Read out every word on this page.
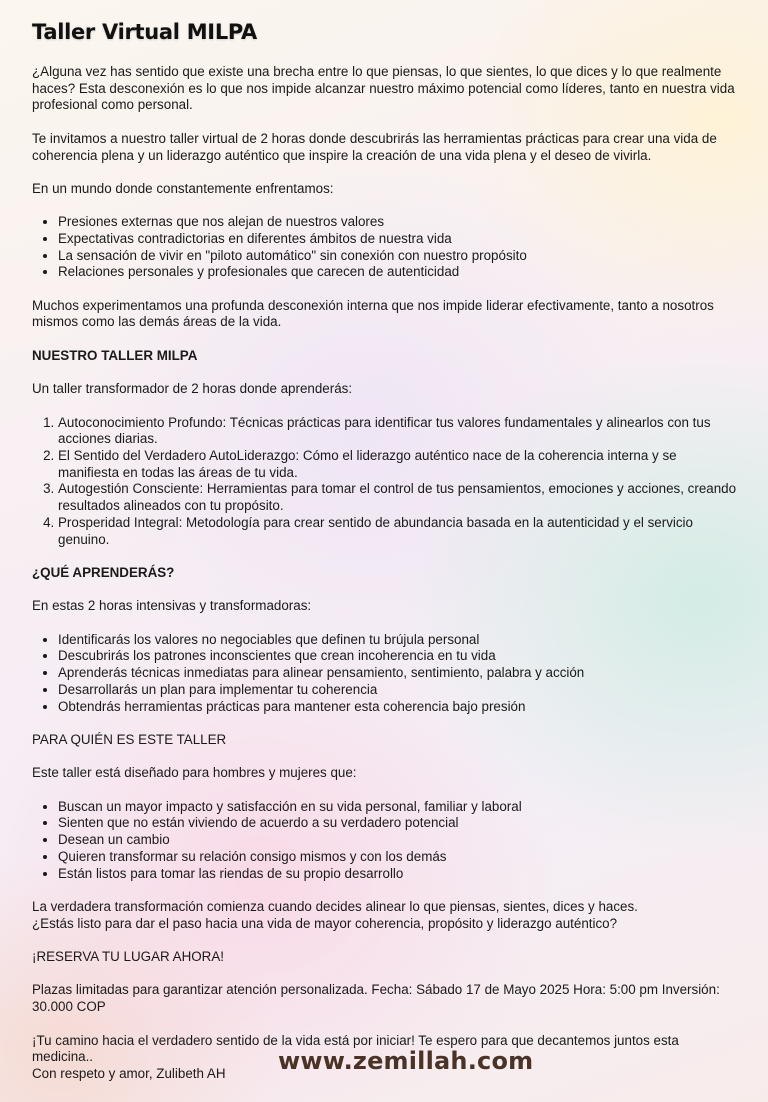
Taller Virtual MILPA

¿Alguna vez has sentido que existe una brecha entre lo que piensas, lo que sientes, lo que dices y lo que realmente haces? Esta desconexión es lo que nos impide alcanzar nuestro máximo potencial como líderes, tanto en nuestra vida profesional como personal.

Te invitamos a nuestro taller virtual de 2 horas donde descubrirás las herramientas prácticas para crear una vida de coherencia plena y un liderazgo auténtico que inspire la creación de una vida plena y el deseo de vivirla.

En un mundo donde constantemente enfrentamos:

• Presiones externas que nos alejan de nuestros valores
• Expectativas contradictorias en diferentes ámbitos de nuestra vida
• La sensación de vivir en "piloto automático" sin conexión con nuestro propósito
• Relaciones personales y profesionales que carecen de autenticidad

Muchos experimentamos una profunda desconexión interna que nos impide liderar efectivamente, tanto a nosotros mismos como las demás áreas de la vida.

NUESTRO TALLER MILPA

Un taller transformador de 2 horas donde aprenderás:

1. Autoconocimiento Profundo: Técnicas prácticas para identificar tus valores fundamentales y alinearlos con tus acciones diarias.
2. El Sentido del Verdadero AutoLiderazgo: Cómo el liderazgo auténtico nace de la coherencia interna y se manifiesta en todas las áreas de tu vida.
3. Autogestión Consciente: Herramientas para tomar el control de tus pensamientos, emociones y acciones, creando resultados alineados con tu propósito.
4. Prosperidad Integral: Metodología para crear sentido de abundancia basada en la autenticidad y el servicio genuino.

¿QUÉ APRENDERÁS?

En estas 2 horas intensivas y transformadoras:

• Identificarás los valores no negociables que definen tu brújula personal
• Descubrirás los patrones inconscientes que crean incoherencia en tu vida
• Aprenderás técnicas inmediatas para alinear pensamiento, sentimiento, palabra y acción
• Desarrollarás un plan para implementar tu coherencia
• Obtendrás herramientas prácticas para mantener esta coherencia bajo presión

PARA QUIÉN ES ESTE TALLER

Este taller está diseñado para hombres y mujeres que:

• Buscan un mayor impacto y satisfacción en su vida personal, familiar y laboral
• Sienten que no están viviendo de acuerdo a su verdadero potencial
• Desean un cambio
• Quieren transformar su relación consigo mismos y con los demás
• Están listos para tomar las riendas de su propio desarrollo

La verdadera transformación comienza cuando decides alinear lo que piensas, sientes, dices y haces.
¿Estás listo para dar el paso hacia una vida de mayor coherencia, propósito y liderazgo auténtico?

¡RESERVA TU LUGAR AHORA!

Plazas limitadas para garantizar atención personalizada. Fecha: Sábado 17 de Mayo 2025 Hora: 5:00 pm Inversión: 30.000 COP

¡Tu camino hacia el verdadero sentido de la vida está por iniciar! Te espero para que decantemos juntos esta medicina..
Con respeto y amor, Zulibeth AH	www.zemillah.com
